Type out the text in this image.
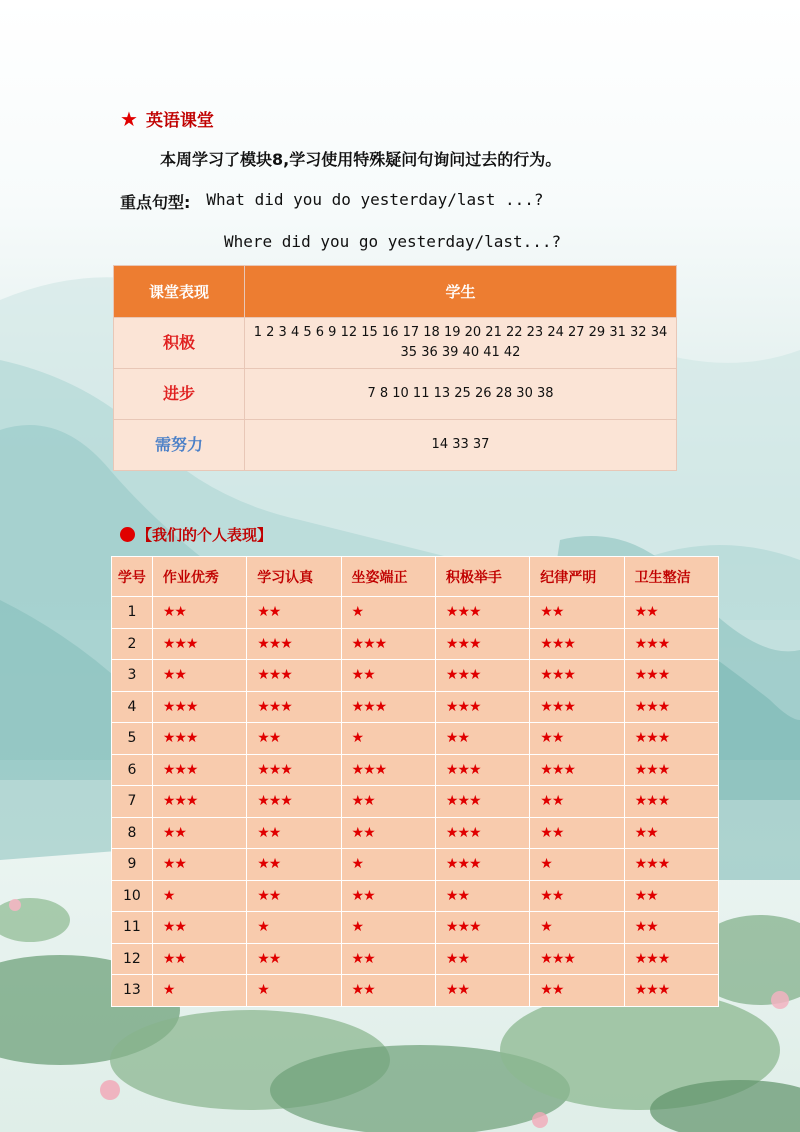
★ 英语课堂
本周学习了模块8,学习使用特殊疑问句询问过去的行为。
重点句型: What did you do yesterday/last ...?
Where did you go yesterday/last...?
课堂表现	学生
积极	1 2 3 4 5 6 9 12 15 16 17 18 19 20 21 22 23 24 27 29 31 32 34 35 36 39 40 41 42
进步	7 8 10 11 13 25 26 28 30 38
需努力	14 33 37
【我们的个人表现】
学号	作业优秀	学习认真	坐姿端正	积极举手	纪律严明	卫生整洁
1	★★	★★	★	★★★	★★	★★
2	★★★	★★★	★★★	★★★	★★★	★★★
3	★★	★★★	★★	★★★	★★★	★★★
4	★★★	★★★	★★★	★★★	★★★	★★★
5	★★★	★★	★	★★	★★	★★★
6	★★★	★★★	★★★	★★★	★★★	★★★
7	★★★	★★★	★★	★★★	★★	★★★
8	★★	★★	★★	★★★	★★	★★
9	★★	★★	★	★★★	★	★★★
10	★	★★	★★	★★	★★	★★
11	★★	★	★	★★★	★	★★
12	★★	★★	★★	★★	★★★	★★★
13	★	★	★★	★★	★★	★★★
